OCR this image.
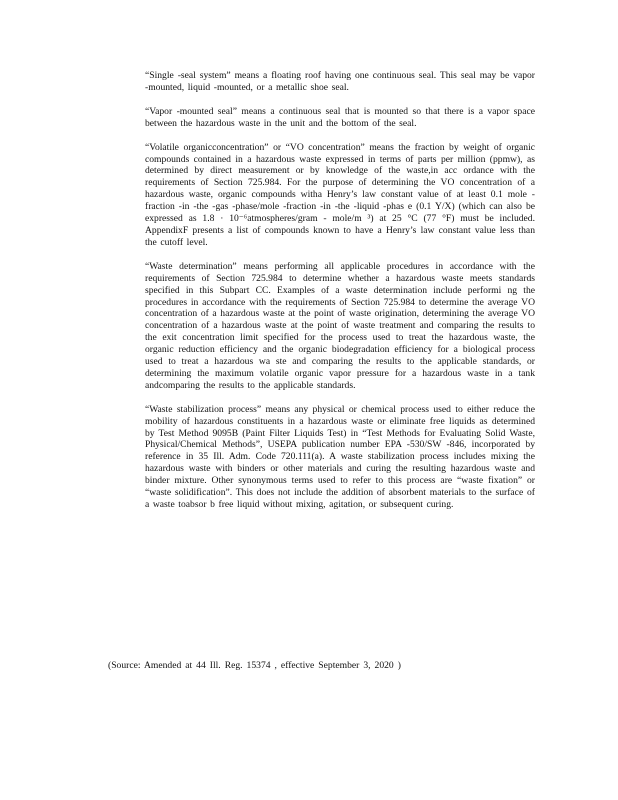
“Single -seal system” means a floating roof having one continuous seal. This seal may be vapor -mounted, liquid -mounted, or a metallic shoe seal.

“Vapor -mounted seal” means a continuous seal that is mounted so that there is a vapor space between the hazardous waste in the unit and the bottom of the seal.

“Volatile organicconcentration” or “VO concentration” means the fraction by weight of organic compounds contained in a hazardous waste expressed in terms of parts per million (ppmw), as determined by direct measurement or by knowledge of the waste,in acc ordance with the requirements of Section 725.984. For the purpose of determining the VO concentration of a hazardous waste, organic compounds witha Henry’s law constant value of at least 0.1 mole -fraction -in -the -gas -phase/mole -fraction -in -the -liquid -phas e (0.1 Y/X) (which can also be expressed as 1.8 · 10⁻⁶atmospheres/gram - mole/m ³) at 25 °C (77 °F) must be included. AppendixF presents a list of compounds known to have a Henry’s law constant value less than the cutoff level.

“Waste determination” means performing all applicable procedures in accordance with the requirements of Section 725.984 to determine whether a hazardous waste meets standards specified in this Subpart CC. Examples of a waste determination include performi ng the procedures in accordance with the requirements of Section 725.984 to determine the average VO concentration of a hazardous waste at the point of waste origination, determining the average VO concentration of a hazardous waste at the point of waste treatment and comparing the results to the exit concentration limit specified for the process used to treat the hazardous waste, the organic reduction efficiency and the organic biodegradation efficiency for a biological process used to treat a hazardous wa ste and comparing the results to the applicable standards, or determining the maximum volatile organic vapor pressure for a hazardous waste in a tank andcomparing the results to the applicable standards.

“Waste stabilization process” means any physical or chemical process used to either reduce the mobility of hazardous constituents in a hazardous waste or eliminate free liquids as determined by Test Method 9095B (Paint Filter Liquids Test) in “Test Methods for Evaluating Solid Waste, Physical/Chemical Methods”, USEPA publication number EPA -530/SW -846, incorporated by reference in 35 Ill. Adm. Code 720.111(a). A waste stabilization process includes mixing the hazardous waste with binders or other materials and curing the resulting hazardous waste and binder mixture. Other synonymous terms used to refer to this process are “waste fixation” or “waste solidification”. This does not include the addition of absorbent materials to the surface of a waste toabsor b free liquid without mixing, agitation, or subsequent curing.

(Source: Amended at 44 Ill. Reg. 15374 , effective September 3, 2020 )
